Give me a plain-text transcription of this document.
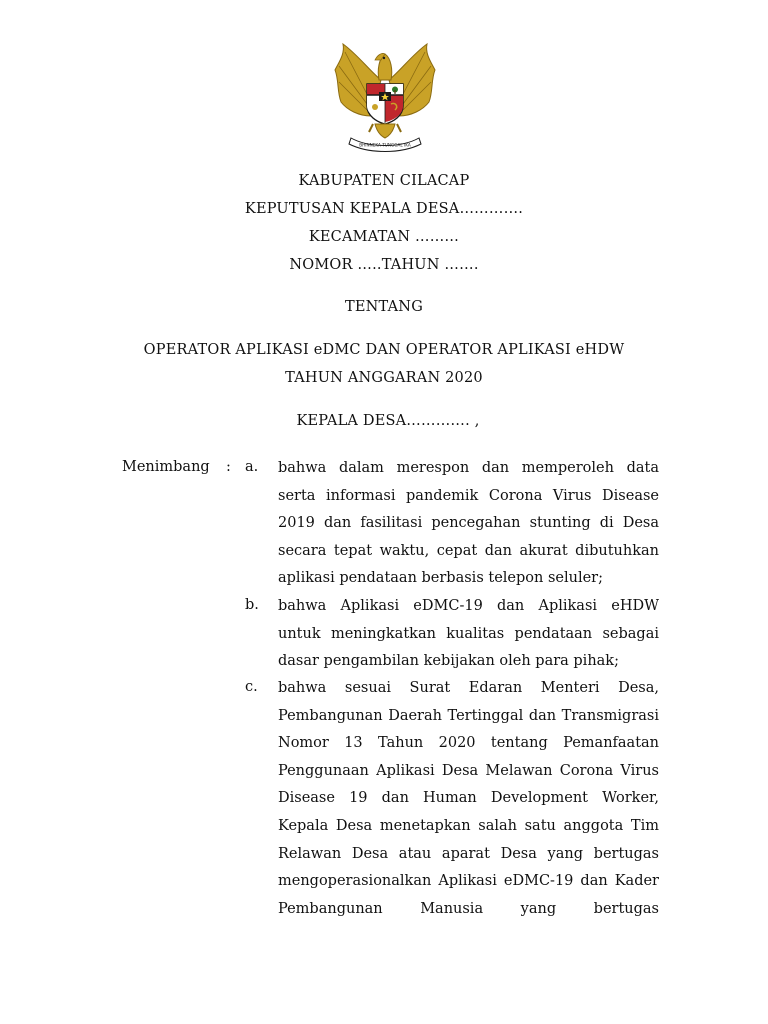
BHINNEKA TUNGGAL IKA
KABUPATEN CILACAP
KEPUTUSAN KEPALA DESA………….
KECAMATAN ………
NOMOR …..TAHUN …….
TENTANG
OPERATOR APLIKASI eDMC DAN OPERATOR APLIKASI eHDW
TAHUN ANGGARAN 2020
KEPALA DESA…………. ,
Menimbang : a. bahwa dalam merespon dan memperoleh data
serta informasi pandemik Corona Virus Disease
2019 dan fasilitasi pencegahan stunting di Desa
secara tepat waktu, cepat dan akurat dibutuhkan
aplikasi pendataan berbasis telepon seluler;
b. bahwa Aplikasi eDMC-19 dan Aplikasi eHDW
untuk meningkatkan kualitas pendataan sebagai
dasar pengambilan kebijakan oleh para pihak;
c. bahwa sesuai Surat Edaran Menteri Desa,
Pembangunan Daerah Tertinggal dan Transmigrasi
Nomor 13 Tahun 2020 tentang Pemanfaatan
Penggunaan Aplikasi Desa Melawan Corona Virus
Disease 19 dan Human Development Worker,
Kepala Desa menetapkan salah satu anggota Tim
Relawan Desa atau aparat Desa yang bertugas
mengoperasionalkan Aplikasi eDMC-19 dan Kader
Pembangunan Manusia yang bertugas
